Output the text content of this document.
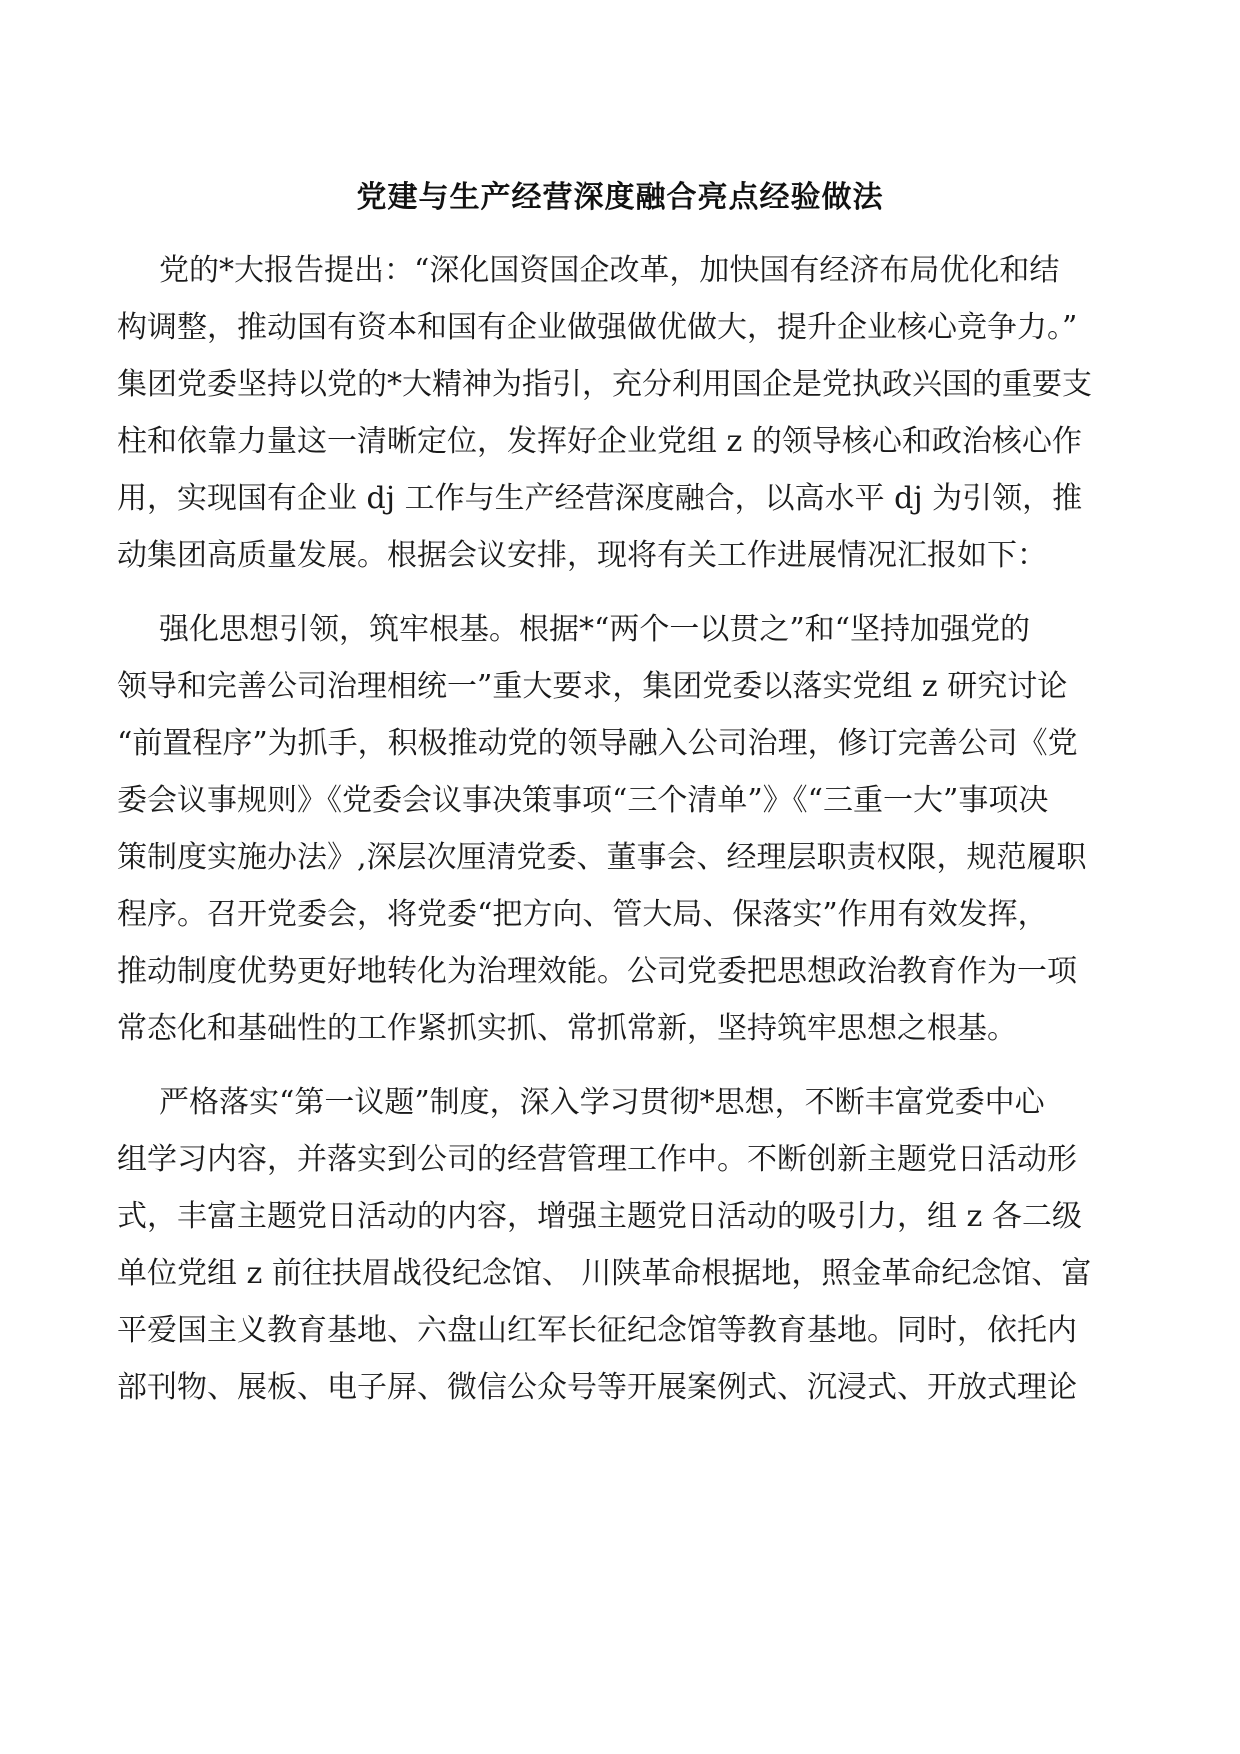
党建与生产经营深度融合亮点经验做法
党的*大报告提出：“深化国资国企改革，加快国有经济布局优化和结
构调整，推动国有资本和国有企业做强做优做大，提升企业核心竞争力。”
集团党委坚持以党的*大精神为指引，充分利用国企是党执政兴国的重要支
柱和依靠力量这一清晰定位，发挥好企业党组 z 的领导核心和政治核心作
用，实现国有企业 dj 工作与生产经营深度融合，以高水平 dj 为引领，推
动集团高质量发展。根据会议安排，现将有关工作进展情况汇报如下：
强化思想引领，筑牢根基。根据*“两个一以贯之”和“坚持加强党的
领导和完善公司治理相统一”重大要求，集团党委以落实党组 z 研究讨论
“前置程序”为抓手，积极推动党的领导融入公司治理，修订完善公司《党
委会议事规则》《党委会议事决策事项“三个清单”》《“三重一大”事项决
策制度实施办法》,深层次厘清党委、董事会、经理层职责权限，规范履职
程序。召开党委会，将党委“把方向、管大局、保落实”作用有效发挥，
推动制度优势更好地转化为治理效能。公司党委把思想政治教育作为一项
常态化和基础性的工作紧抓实抓、常抓常新，坚持筑牢思想之根基。
严格落实“第一议题”制度，深入学习贯彻*思想，不断丰富党委中心
组学习内容，并落实到公司的经营管理工作中。不断创新主题党日活动形
式，丰富主题党日活动的内容，增强主题党日活动的吸引力，组 z 各二级
单位党组 z 前往扶眉战役纪念馆、 川陕革命根据地，照金革命纪念馆、富
平爱国主义教育基地、六盘山红军长征纪念馆等教育基地。同时，依托内
部刊物、展板、电子屏、微信公众号等开展案例式、沉浸式、开放式理论
